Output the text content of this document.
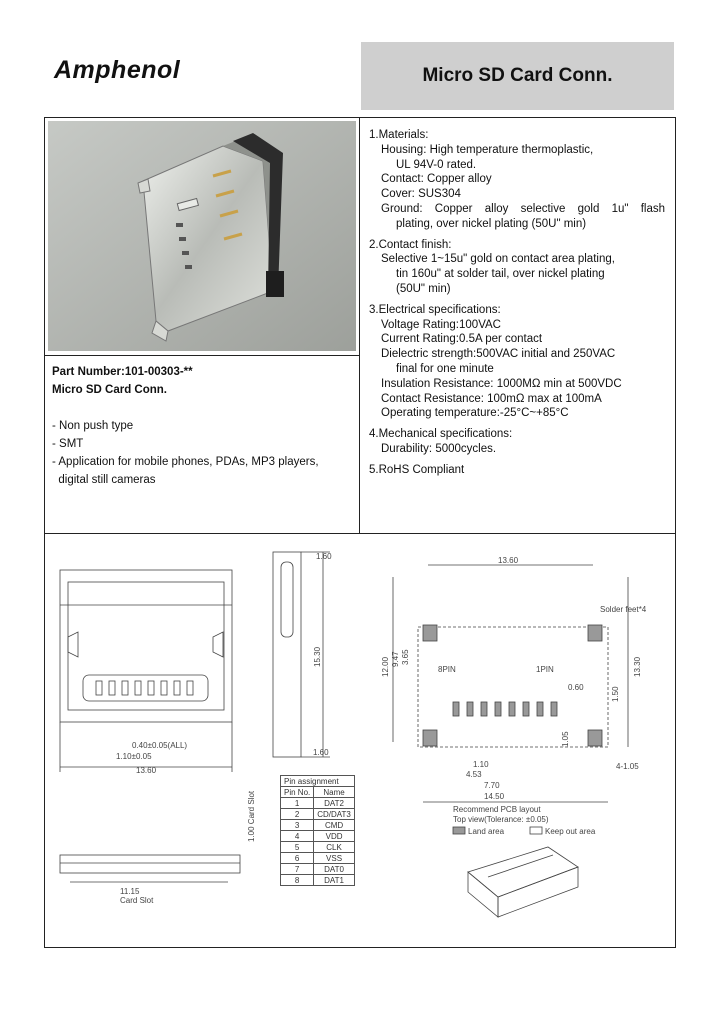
Amphenol	Micro SD Card Conn.
Part Number:101-00303-**
Micro SD Card Conn.
- Non push type
- SMT
- Application for mobile phones, PDAs, MP3 players,
digital still cameras
1.Materials:
Housing: High temperature thermoplastic,
UL 94V-0 rated.
Contact: Copper alloy
Cover: SUS304
Ground: Copper alloy selective gold 1u" flash
plating, over nickel plating (50U" min)
2.Contact finish:
Selective 1~15u" gold on contact area plating,
tin 160u" at solder tail, over nickel plating
(50U" min)
3.Electrical specifications:
Voltage Rating:100VAC
Current Rating:0.5A per contact
Dielectric strength:500VAC initial and 250VAC
final for one minute
Insulation Resistance: 1000MΩ min at 500VDC
Contact Resistance: 100mΩ max at 100mA
Operating temperature:-25°C~+85°C
4.Mechanical specifications:
Durability: 5000cycles.
5.RoHS Compliant
0.40±0.05(ALL)
1.10±0.05
13.60
11.15
Card Slot
1.00 Card Slot
1.60
15.30
1.60
13.60
Solder feet*4
8PIN	1PIN
12.00 9.47 3.65	13.30
1.50
1.05
0.60
1.10
4.53
7.70
14.50
4-1.05
Recommend PCB layout
Top view(Tolerance: ±0.05)
Land area	Keep out area
Pin assignment	
Pin No.	Name
1	DAT2
2	CD/DAT3
3	CMD
4	VDD
5	CLK
6	VSS
7	DAT0
8	DAT1
